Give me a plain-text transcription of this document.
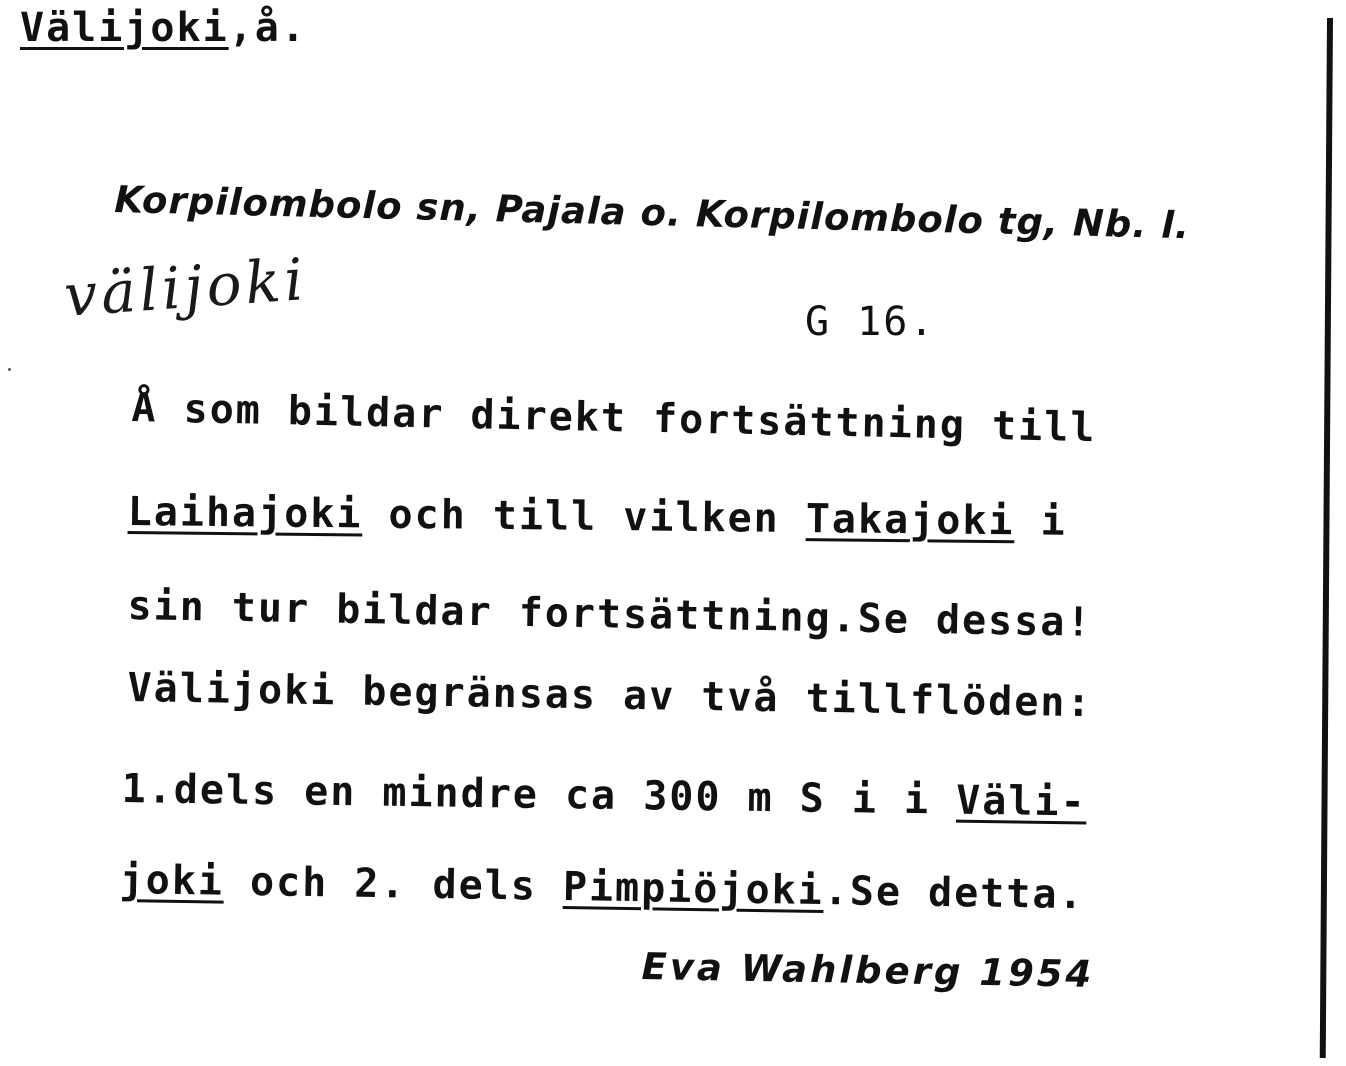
Välijoki,å.
Korpilombolo sn, Pajala o. Korpilombolo tg, Nb. l.
välijoki	G 16.
Å som bildar direkt fortsättning till
Laihajoki och till vilken Takajoki i
sin tur bildar fortsättning.Se dessa!
Välijoki begränsas av två tillflöden:
1.dels en mindre ca 300 m S i i Väli-
joki och 2. dels Pimpiöjoki.Se detta.
Eva Wahlberg 1954
